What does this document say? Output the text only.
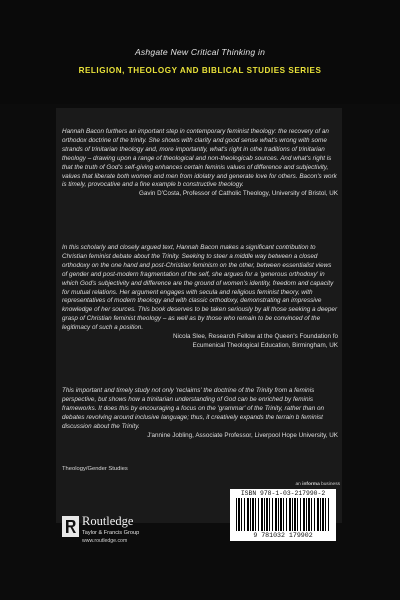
Ashgate New Critical Thinking in
RELIGION, THEOLOGY AND BIBLICAL STUDIES SERIES

Hannah Bacon furthers an important step in contemporary feminist theology: the recovery of an orthodox doctrine of the trinity. She shows with clarity and good sense what's wrong with some strands of trinitarian theology and, more importantly, what's right in othe traditions of trinitarian theology – drawing upon a range of theological and non-theologicab sources. And what's right is that the truth of God's self-giving enhances certain feminis values of difference and subjectivity, values that liberate both women and men from idolatry and generate love for others. Bacon's work is timely, provocative and a fine example b constructive theology.

Gavin D'Costa, Professor of Catholic Theology, University of Bristol, UK

In this scholarly and closely argued text, Hannah Bacon makes a significant contribution to Christian feminist debate about the Trinity. Seeking to steer a middle way between a closed orthodoxy on the one hand and post-Christian feminism on the other, between essentialist views of gender and post-modern fragmentation of the self, she argues for a 'generous orthodoxy' in which God's subjectivity and difference are the ground of women's identity, freedom and capacity for mutual relations. Her argument engages with secula and religious feminist theory, with representatives of modern theology and with classic orthodoxy, demonstrating an impressive knowledge of her sources. This book deserves to be taken seriously by all those seeking a deeper grasp of Christian feminist theology – as well as by those who remain to be convinced of the legitimacy of such a position.

Nicola Slee, Research Fellow at the Queen's Foundation fo
Ecumenical Theological Education, Birmingham, UK

This important and timely study not only 'reclaims' the doctrine of the Trinity from a feminis perspective, but shows how a trinitarian understanding of God can be enriched by feminis frameworks. It does this by encouraging a focus on the 'grammar' of the Trinity, rather than on debates revolving around inclusive language; thus, it creatively expands the terrain b feminist discussion about the Trinity.

J'annine Jobling, Associate Professor, Liverpool Hope University, UK
Theology/Gender Studies
an informa business
ISBN 978-1-03-217990-2
9 781032 179902
Routledge
Taylor & Francis Group
www.routledge.com
